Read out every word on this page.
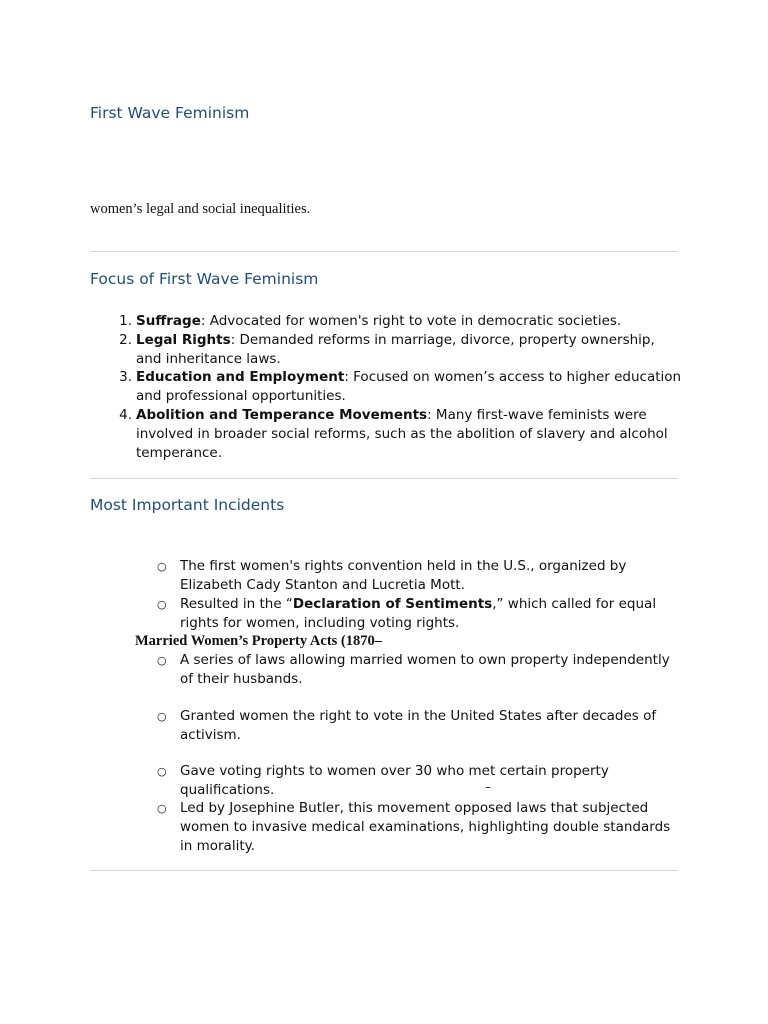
First Wave Feminism

women’s legal and social inequalities.

Focus of First Wave Feminism
1. Suffrage: Advocated for women's right to vote in democratic societies.
2. Legal Rights: Demanded reforms in marriage, divorce, property ownership, and inheritance laws.
3. Education and Employment: Focused on women’s access to higher education and professional opportunities.
4. Abolition and Temperance Movements: Many first-wave feminists were involved in broader social reforms, such as the abolition of slavery and alcohol temperance.
Most Important Incidents

○ The first women's rights convention held in the U.S., organized by Elizabeth Cady Stanton and Lucretia Mott.

○ Resulted in the “Declaration of Sentiments,” which called for equal rights for women, including voting rights.

Married Women’s Property Acts (1870–

○ A series of laws allowing married women to own property independently of their husbands.

○ Granted women the right to vote in the United States after decades of activism.

○ Gave voting rights to women over 30 who met certain property qualifications.	–

○ Led by Josephine Butler, this movement opposed laws that subjected women to invasive medical examinations, highlighting double standards in morality.
